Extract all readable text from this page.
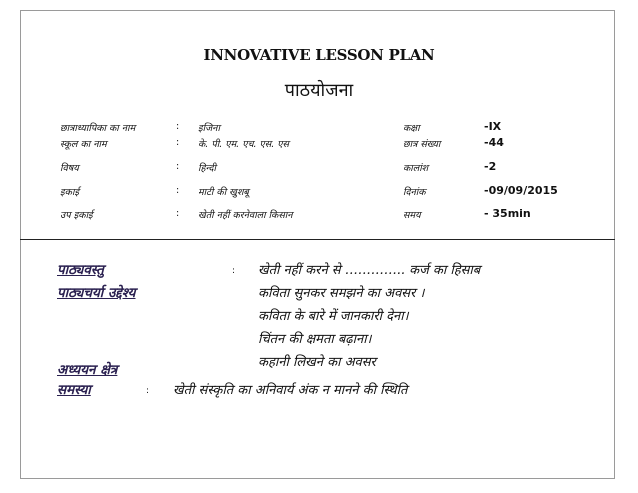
INNOVATIVE LESSON PLAN
पाठयोजना
छात्राध्यापिका का नाम	: इजिना	कक्षा	-IX
स्कूल का नाम	: के. पी. एम. एच. एस. एस	छात्र संख्या	-44
विषय	: हिन्दी	कालांश	-2
इकाई	: माटी की खुशबू	दिनांक	-09/09/2015
उप इकाई	: खेती नहीं करनेवाला किसान	समय	- 35min
पाठ्यवस्तु	: खेती नहीं करने से ………….. कर्ज का हिसाब
पाठ्यचर्या उद्देश्य	कविता सुनकर समझने का अवसर ।
कविता के बारे में जानकारी देना।
चिंतन की क्षमता बढ़ाना।
कहानी लिखने का अवसर
अध्ययन क्षेत्र
समस्या	: खेती संस्कृति का अनिवार्य अंक न मानने की स्थिति
